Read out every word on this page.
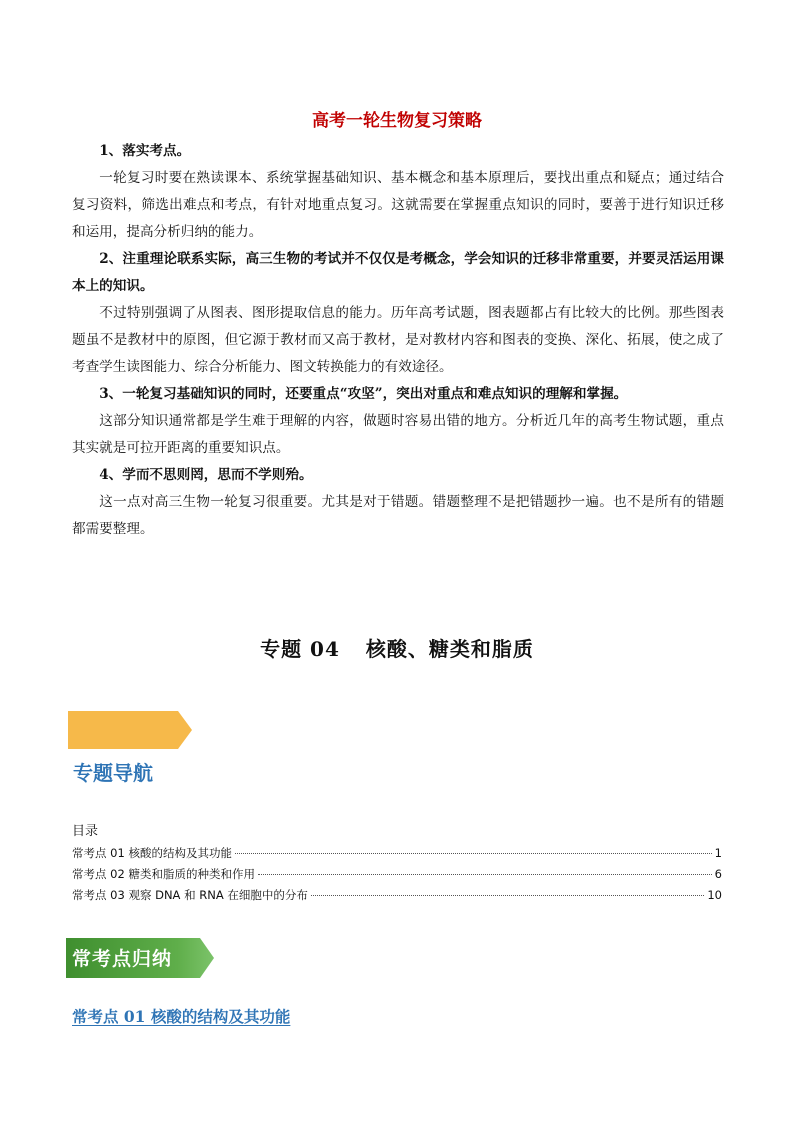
高考一轮生物复习策略

1、落实考点。

一轮复习时要在熟读课本、系统掌握基础知识、基本概念和基本原理后，要找出重点和疑点；通过结合复习资料，筛选出难点和考点，有针对地重点复习。这就需要在掌握重点知识的同时，要善于进行知识迁移和运用，提高分析归纳的能力。

2、注重理论联系实际，高三生物的考试并不仅仅是考概念，学会知识的迁移非常重要，并要灵活运用课本上的知识。

不过特别强调了从图表、图形提取信息的能力。历年高考试题，图表题都占有比较大的比例。那些图表题虽不是教材中的原图，但它源于教材而又高于教材，是对教材内容和图表的变换、深化、拓展，使之成了考查学生读图能力、综合分析能力、图文转换能力的有效途径。

3、一轮复习基础知识的同时，还要重点“攻坚”，突出对重点和难点知识的理解和掌握。

这部分知识通常都是学生难于理解的内容，做题时容易出错的地方。分析近几年的高考生物试题，重点其实就是可拉开距离的重要知识点。

4、学而不思则罔，思而不学则殆。

这一点对高三生物一轮复习很重要。尤其是对于错题。错题整理不是把错题抄一遍。也不是所有的错题都需要整理。

专题 04 核酸、糖类和脂质
专题导航
目录
常考点 01 核酸的结构及其功能	1
常考点 02 糖类和脂质的种类和作用	6
常考点 03 观察 DNA 和 RNA 在细胞中的分布	10
常考点归纳
常考点 01 核酸的结构及其功能
